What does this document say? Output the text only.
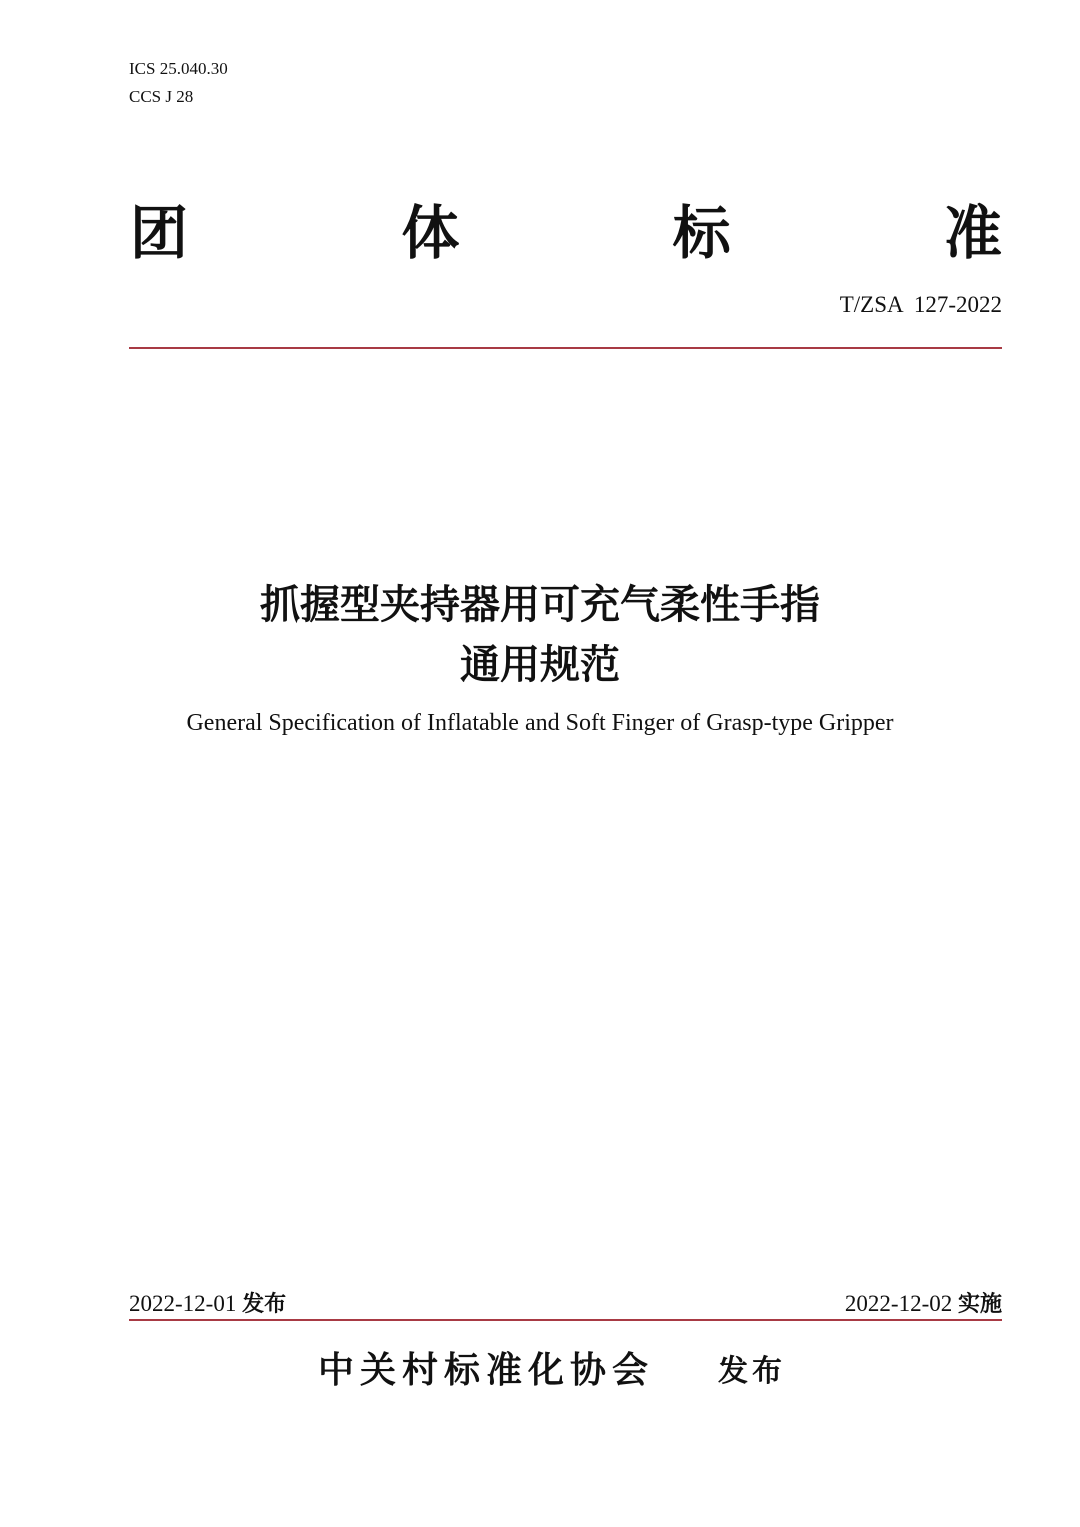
ICS 25.040.30
CCS J 28
团	体	标	准
T/ZSA  127-2022
抓握型夹持器用可充气柔性手指
通用规范
General Specification of Inflatable and Soft Finger of Grasp-type Gripper
2022-12-01 发布	2022-12-02 实施
中关村标准化协会 发布
